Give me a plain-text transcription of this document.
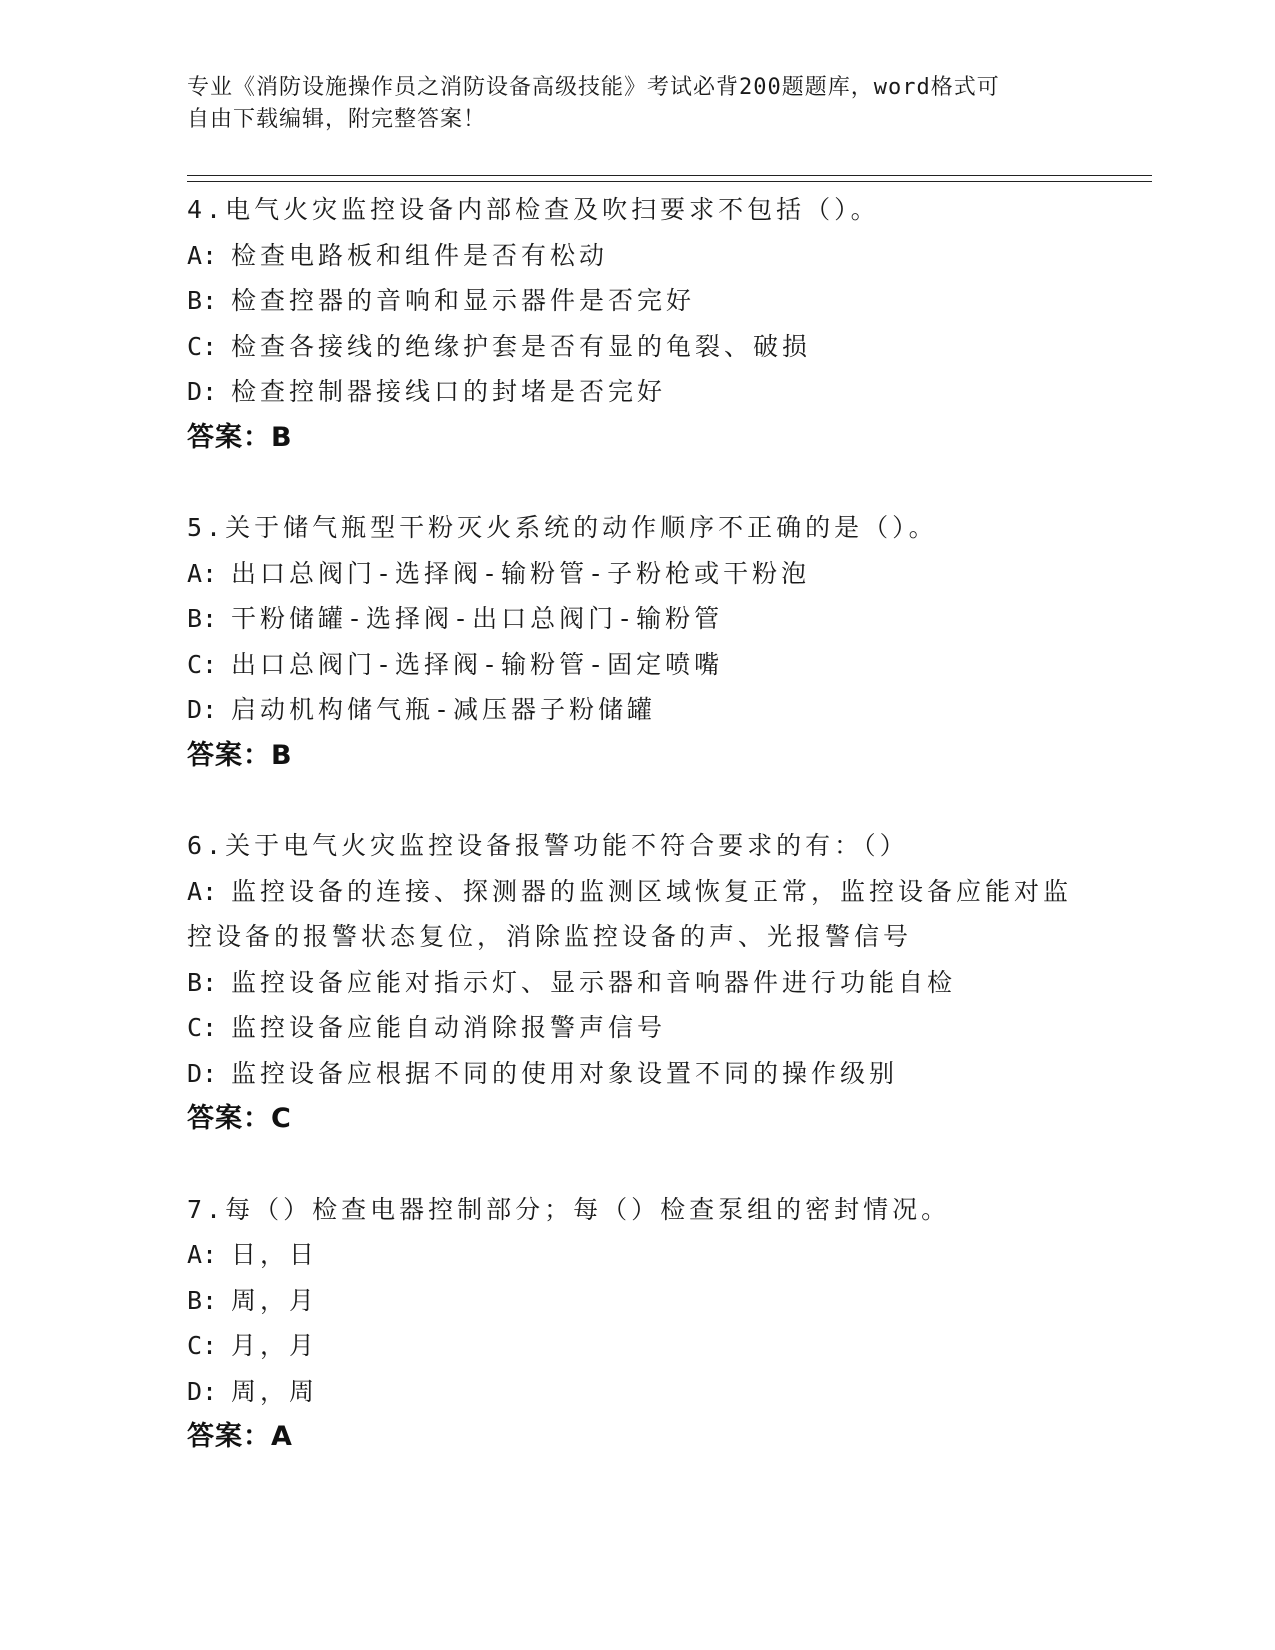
专业《消防设施操作员之消防设备高级技能》考试必背200题题库，word格式可
自由下载编辑，附完整答案！
4.电气火灾监控设备内部检查及吹扫要求不包括（）。
A: 检查电路板和组件是否有松动
B: 检查控器的音响和显示器件是否完好
C: 检查各接线的绝缘护套是否有显的龟裂、破损
D: 检查控制器接线口的封堵是否完好
答案：B
5.关于储气瓶型干粉灭火系统的动作顺序不正确的是（）。
A: 出口总阀门-选择阀-输粉管-子粉枪或干粉泡
B: 干粉储罐-选择阀-出口总阀门-输粉管
C: 出口总阀门-选择阀-输粉管-固定喷嘴
D: 启动机构储气瓶-减压器子粉储罐
答案：B
6.关于电气火灾监控设备报警功能不符合要求的有：（）
A: 监控设备的连接、探测器的监测区域恢复正常，监控设备应能对监
控设备的报警状态复位，消除监控设备的声、光报警信号
B: 监控设备应能对指示灯、显示器和音响器件进行功能自检
C: 监控设备应能自动消除报警声信号
D: 监控设备应根据不同的使用对象设置不同的操作级别
答案：C
7.每（）检查电器控制部分；每（）检查泵组的密封情况。
A: 日，日
B: 周，月
C: 月，月
D: 周，周
答案：A
